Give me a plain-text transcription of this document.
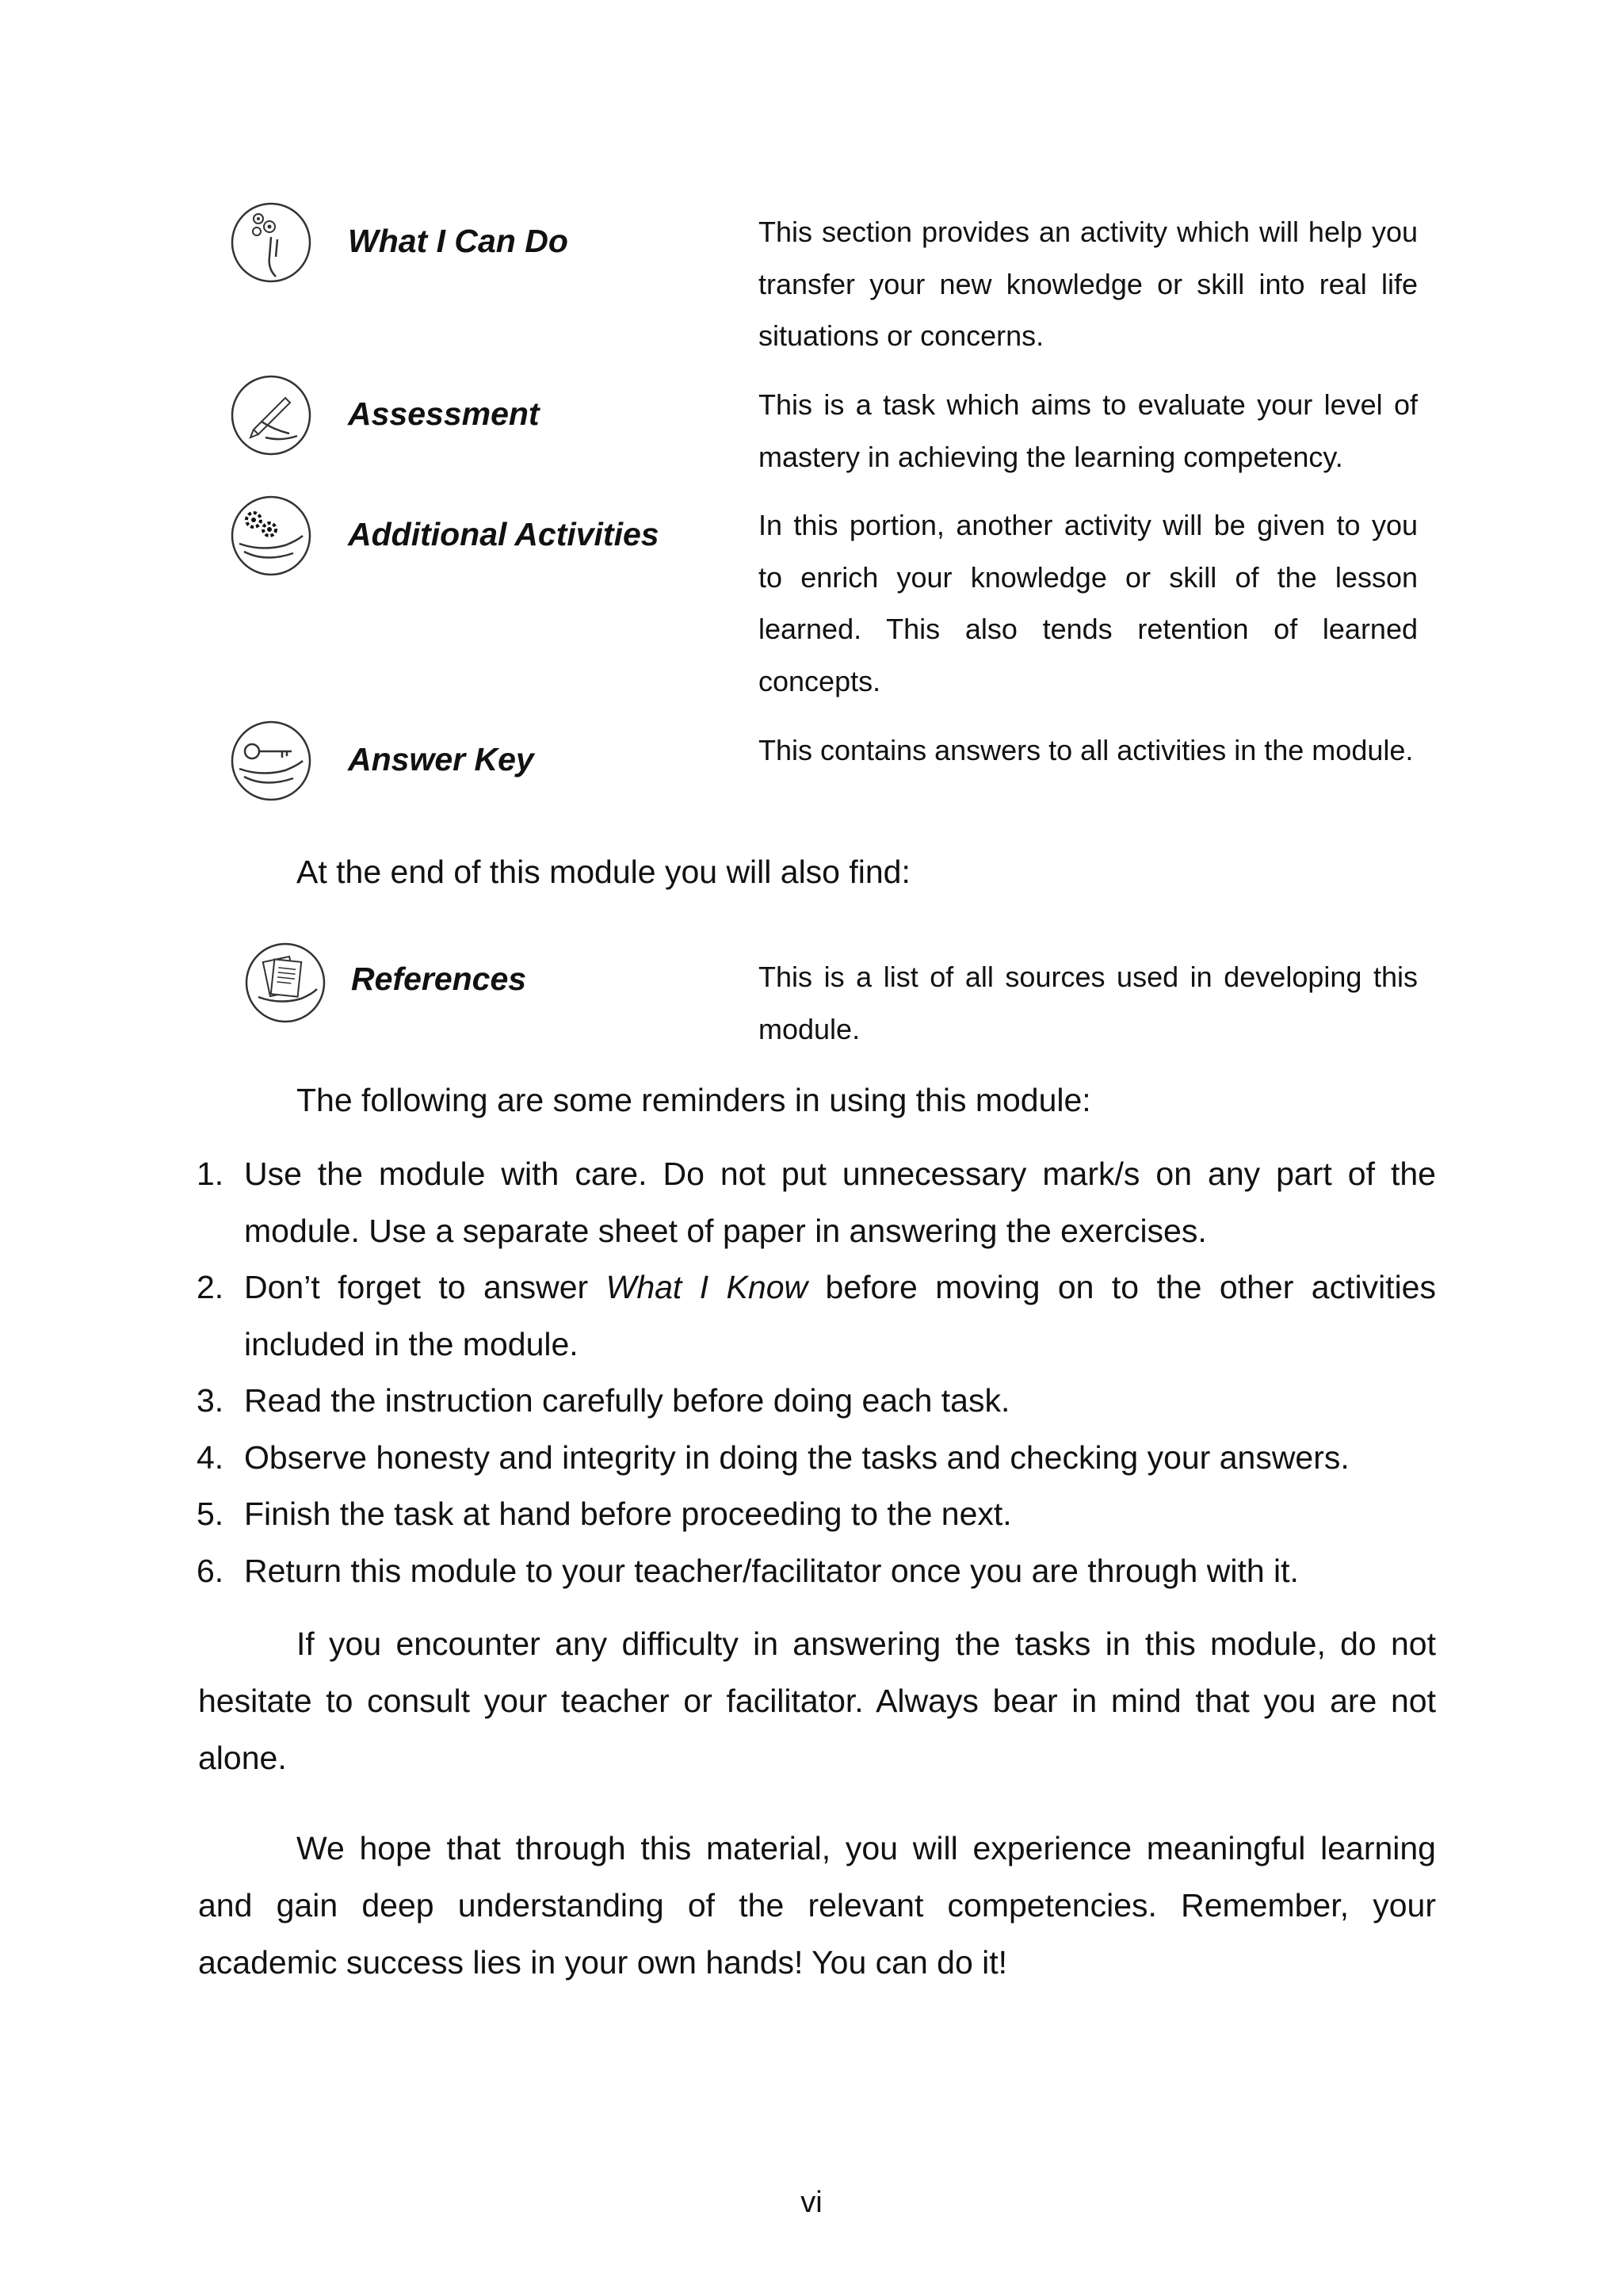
What I Can Do	This section provides an activity which will help you transfer your new knowledge or skill into real life situations or concerns.
Assessment	This is a task which aims to evaluate your level of mastery in achieving the learning competency.
Additional Activities	In this portion, another activity will be given to you to enrich your knowledge or skill of the lesson learned. This also tends retention of learned concepts.
Answer Key	This contains answers to all activities in the module.
At the end of this module you will also find:
References	This is a list of all sources used in developing this module.
The following are some reminders in using this module:
1. Use the module with care. Do not put unnecessary mark/s on any part of the module. Use a separate sheet of paper in answering the exercises.
2. Don’t forget to answer What I Know before moving on to the other activities included in the module.
3. Read the instruction carefully before doing each task.
4. Observe honesty and integrity in doing the tasks and checking your answers.
5. Finish the task at hand before proceeding to the next.
6. Return this module to your teacher/facilitator once you are through with it.
If you encounter any difficulty in answering the tasks in this module, do not hesitate to consult your teacher or facilitator. Always bear in mind that you are not alone.
We hope that through this material, you will experience meaningful learning and gain deep understanding of the relevant competencies. Remember, your academic success lies in your own hands! You can do it!
vi
